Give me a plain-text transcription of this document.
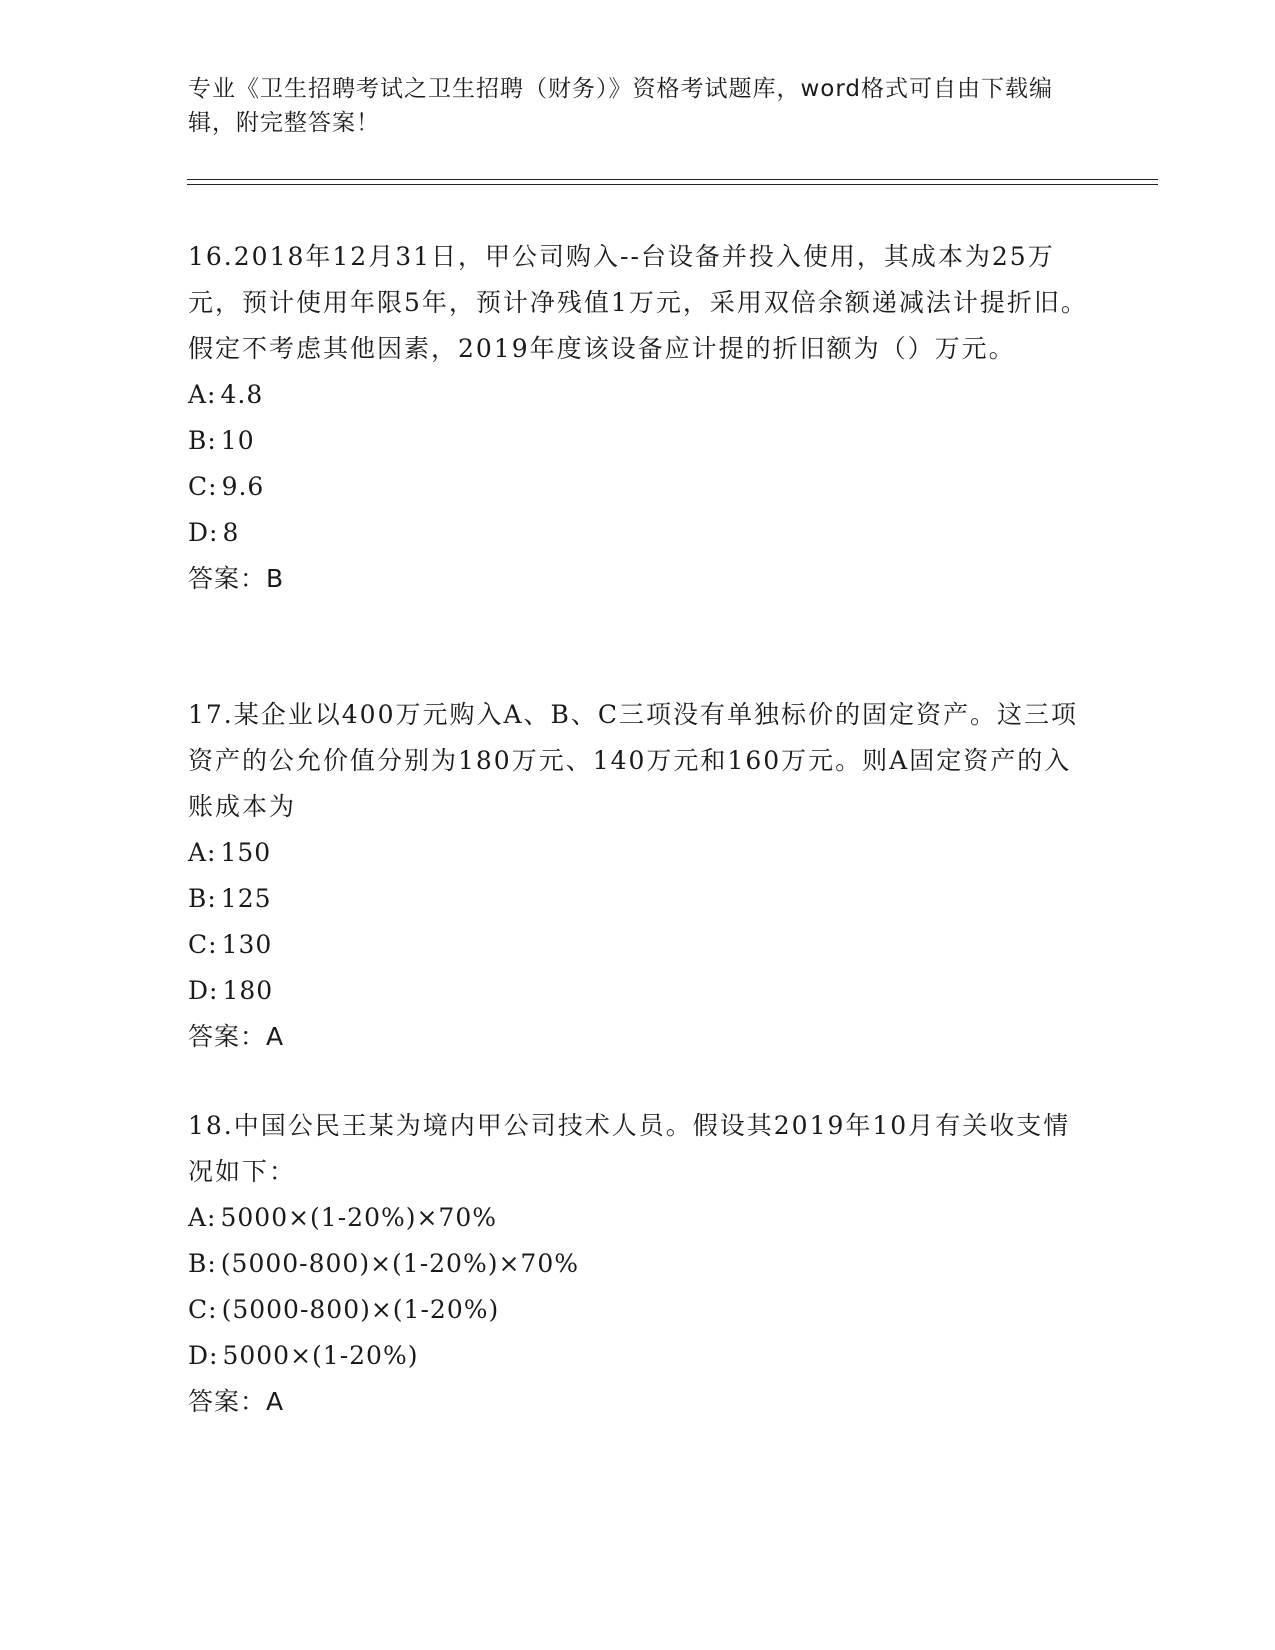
专业《卫生招聘考试之卫生招聘（财务）》资格考试题库，word格式可自由下载编辑，附完整答案！

16.2018年12月31日，甲公司购入--台设备并投入使用，其成本为25万元，预计使用年限5年，预计净残值1万元，采用双倍余额递减法计提折旧。假定不考虑其他因素，2019年度该设备应计提的折旧额为（）万元。

A: 4.8

B: 10

C: 9.6

D: 8

答案：B

17.某企业以400万元购入A、B、C三项没有单独标价的固定资产。这三项资产的公允价值分别为180万元、140万元和160万元。则A固定资产的入账成本为

A: 150

B: 125

C: 130

D: 180

答案：A

18.中国公民王某为境内甲公司技术人员。假设其2019年10月有关收支情况如下：

A: 5000×(1-20%)×70%

B: (5000-800)×(1-20%)×70%

C: (5000-800)×(1-20%)

D: 5000×(1-20%)

答案：A
